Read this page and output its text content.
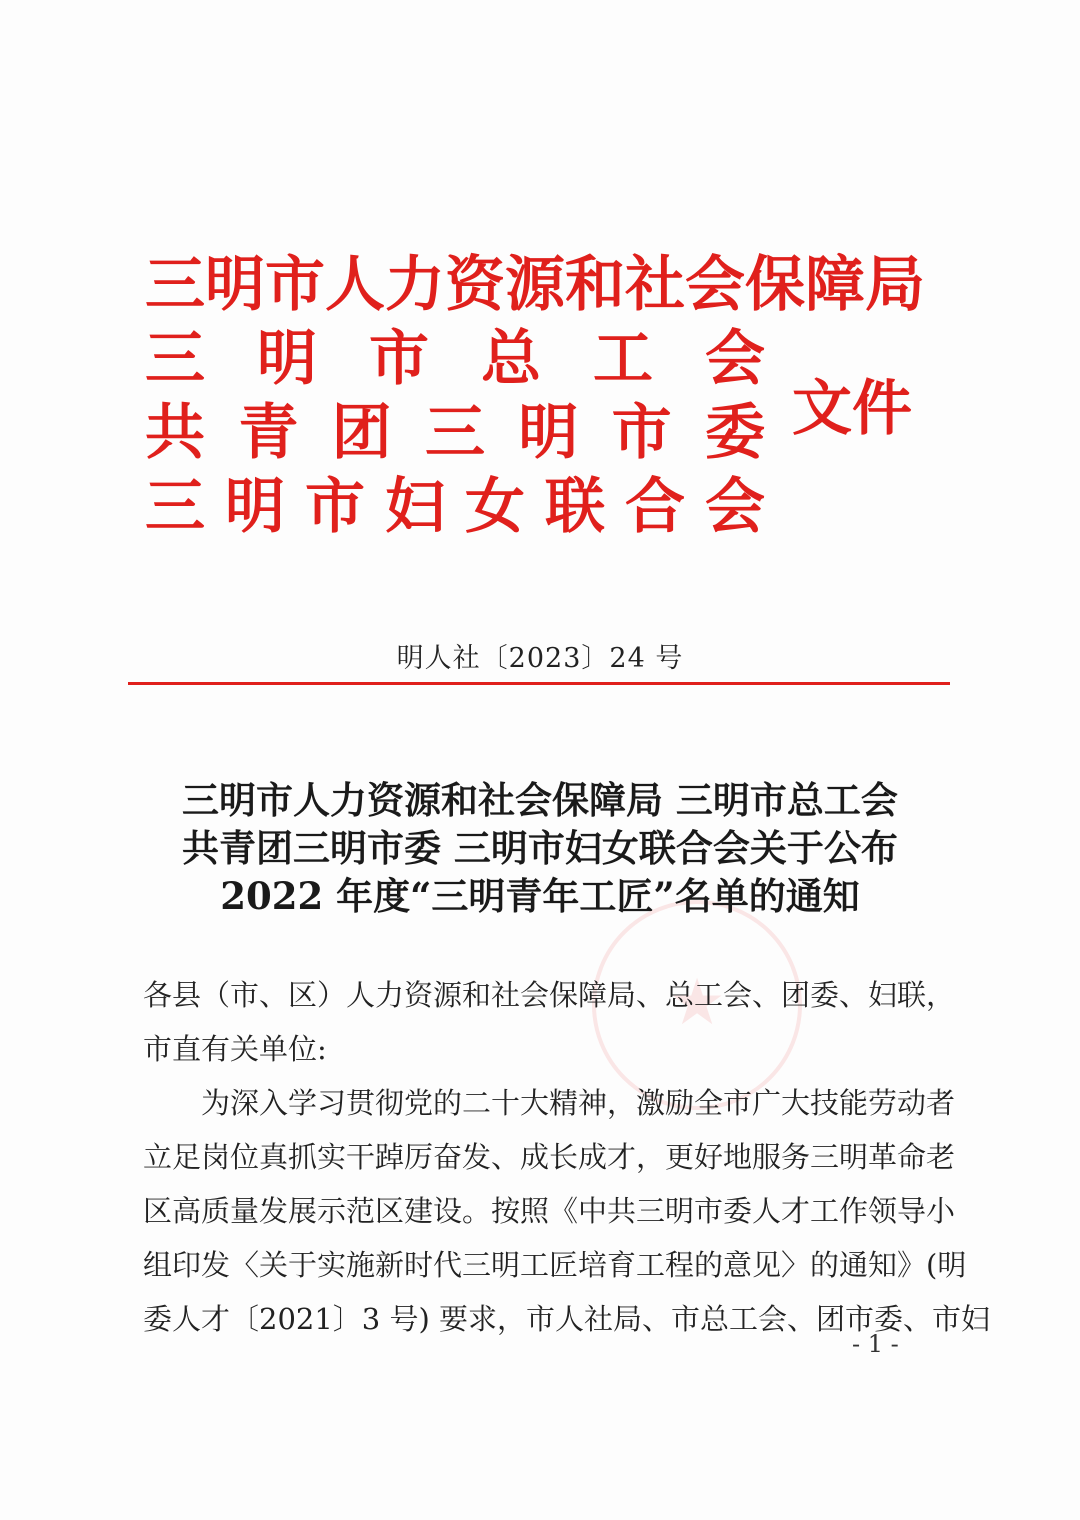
三明市人力资源和社会保障局
三 明 市 总 工 会
共 青 团 三 明 市 委
三 明 市 妇 女 联 合 会
文件
明人社〔2023〕24 号
★
三明市人力资源和社会保障局 三明市总工会
共青团三明市委 三明市妇女联合会关于公布
2022 年度“三明青年工匠”名单的通知

各县（市、区）人力资源和社会保障局、总工会、团委、妇联，

市直有关单位:

为深入学习贯彻党的二十大精神，激励全市广大技能劳动者

立足岗位真抓实干踔厉奋发、成长成才，更好地服务三明革命老

区高质量发展示范区建设。按照《中共三明市委人才工作领导小

组印发〈关于实施新时代三明工匠培育工程的意见〉的通知》(明

委人才〔2021〕3 号) 要求，市人社局、市总工会、团市委、市妇

- 1 -
